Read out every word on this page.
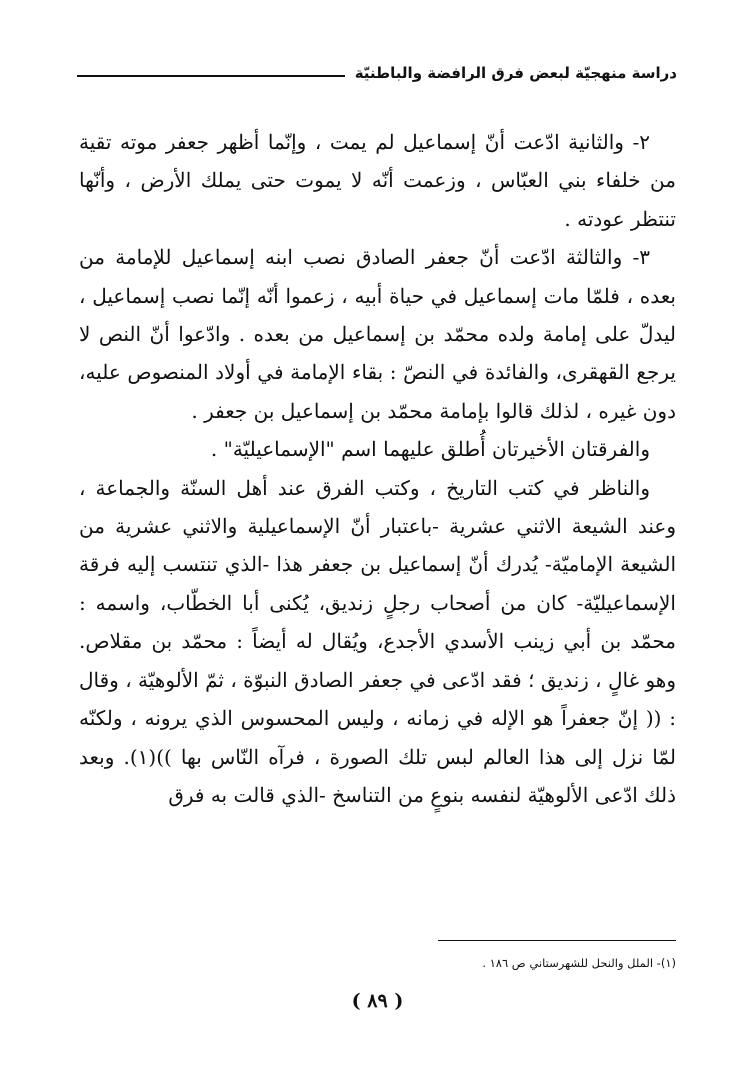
دراسة منهجيّة لبعض فرق الرافضة والباطنيّة

٢- والثانية ادّعت أنّ إسماعيل لم يمت ، وإنّما أظهر جعفر موته تقية من خلفاء بني العبّاس ، وزعمت أنّه لا يموت حتى يملك الأرض ، وأنّها تنتظر عودته .

٣- والثالثة ادّعت أنّ جعفر الصادق نصب ابنه إسماعيل للإمامة من بعده ، فلمّا مات إسماعيل في حياة أبيه ، زعموا أنّه إنّما نصب إسماعيل ، ليدلّ على إمامة ولده محمّد بن إسماعيل من بعده . وادّعوا أنّ النص لا يرجع القهقرى، والفائدة في النصّ : بقاء الإمامة في أولاد المنصوص عليه، دون غيره ، لذلك قالوا بإمامة محمّد بن إسماعيل بن جعفر .

والفرقتان الأخيرتان أُطلق عليهما اسم "الإسماعيليّة" .

والناظر في كتب التاريخ ، وكتب الفرق عند أهل السنّة والجماعة ، وعند الشيعة الاثني عشرية -باعتبار أنّ الإسماعيلية والاثني عشرية من الشيعة الإماميّة- يُدرك أنّ إسماعيل بن جعفر هذا -الذي تنتسب إليه فرقة الإسماعيليّة- كان من أصحاب رجلٍ زنديق، يُكنى أبا الخطّاب، واسمه : محمّد بن أبي زينب الأسدي الأجدع، ويُقال له أيضاً : محمّد بن مقلاص. وهو غالٍ ، زنديق ؛ فقد ادّعى في جعفر الصادق النبوّة ، ثمّ الألوهيّة ، وقال : (( إنّ جعفراً هو الإله في زمانه ، وليس المحسوس الذي يرونه ، ولكنّه لمّا نزل إلى هذا العالم لبس تلك الصورة ، فرآه النّاس بها ))(١). وبعد ذلك ادّعى الألوهيّة لنفسه بنوعٍ من التناسخ -الذي قالت به فرق

(١)- الملل والنحل للشهرستاني ص ١٨٦ .
( ٨٩ )
